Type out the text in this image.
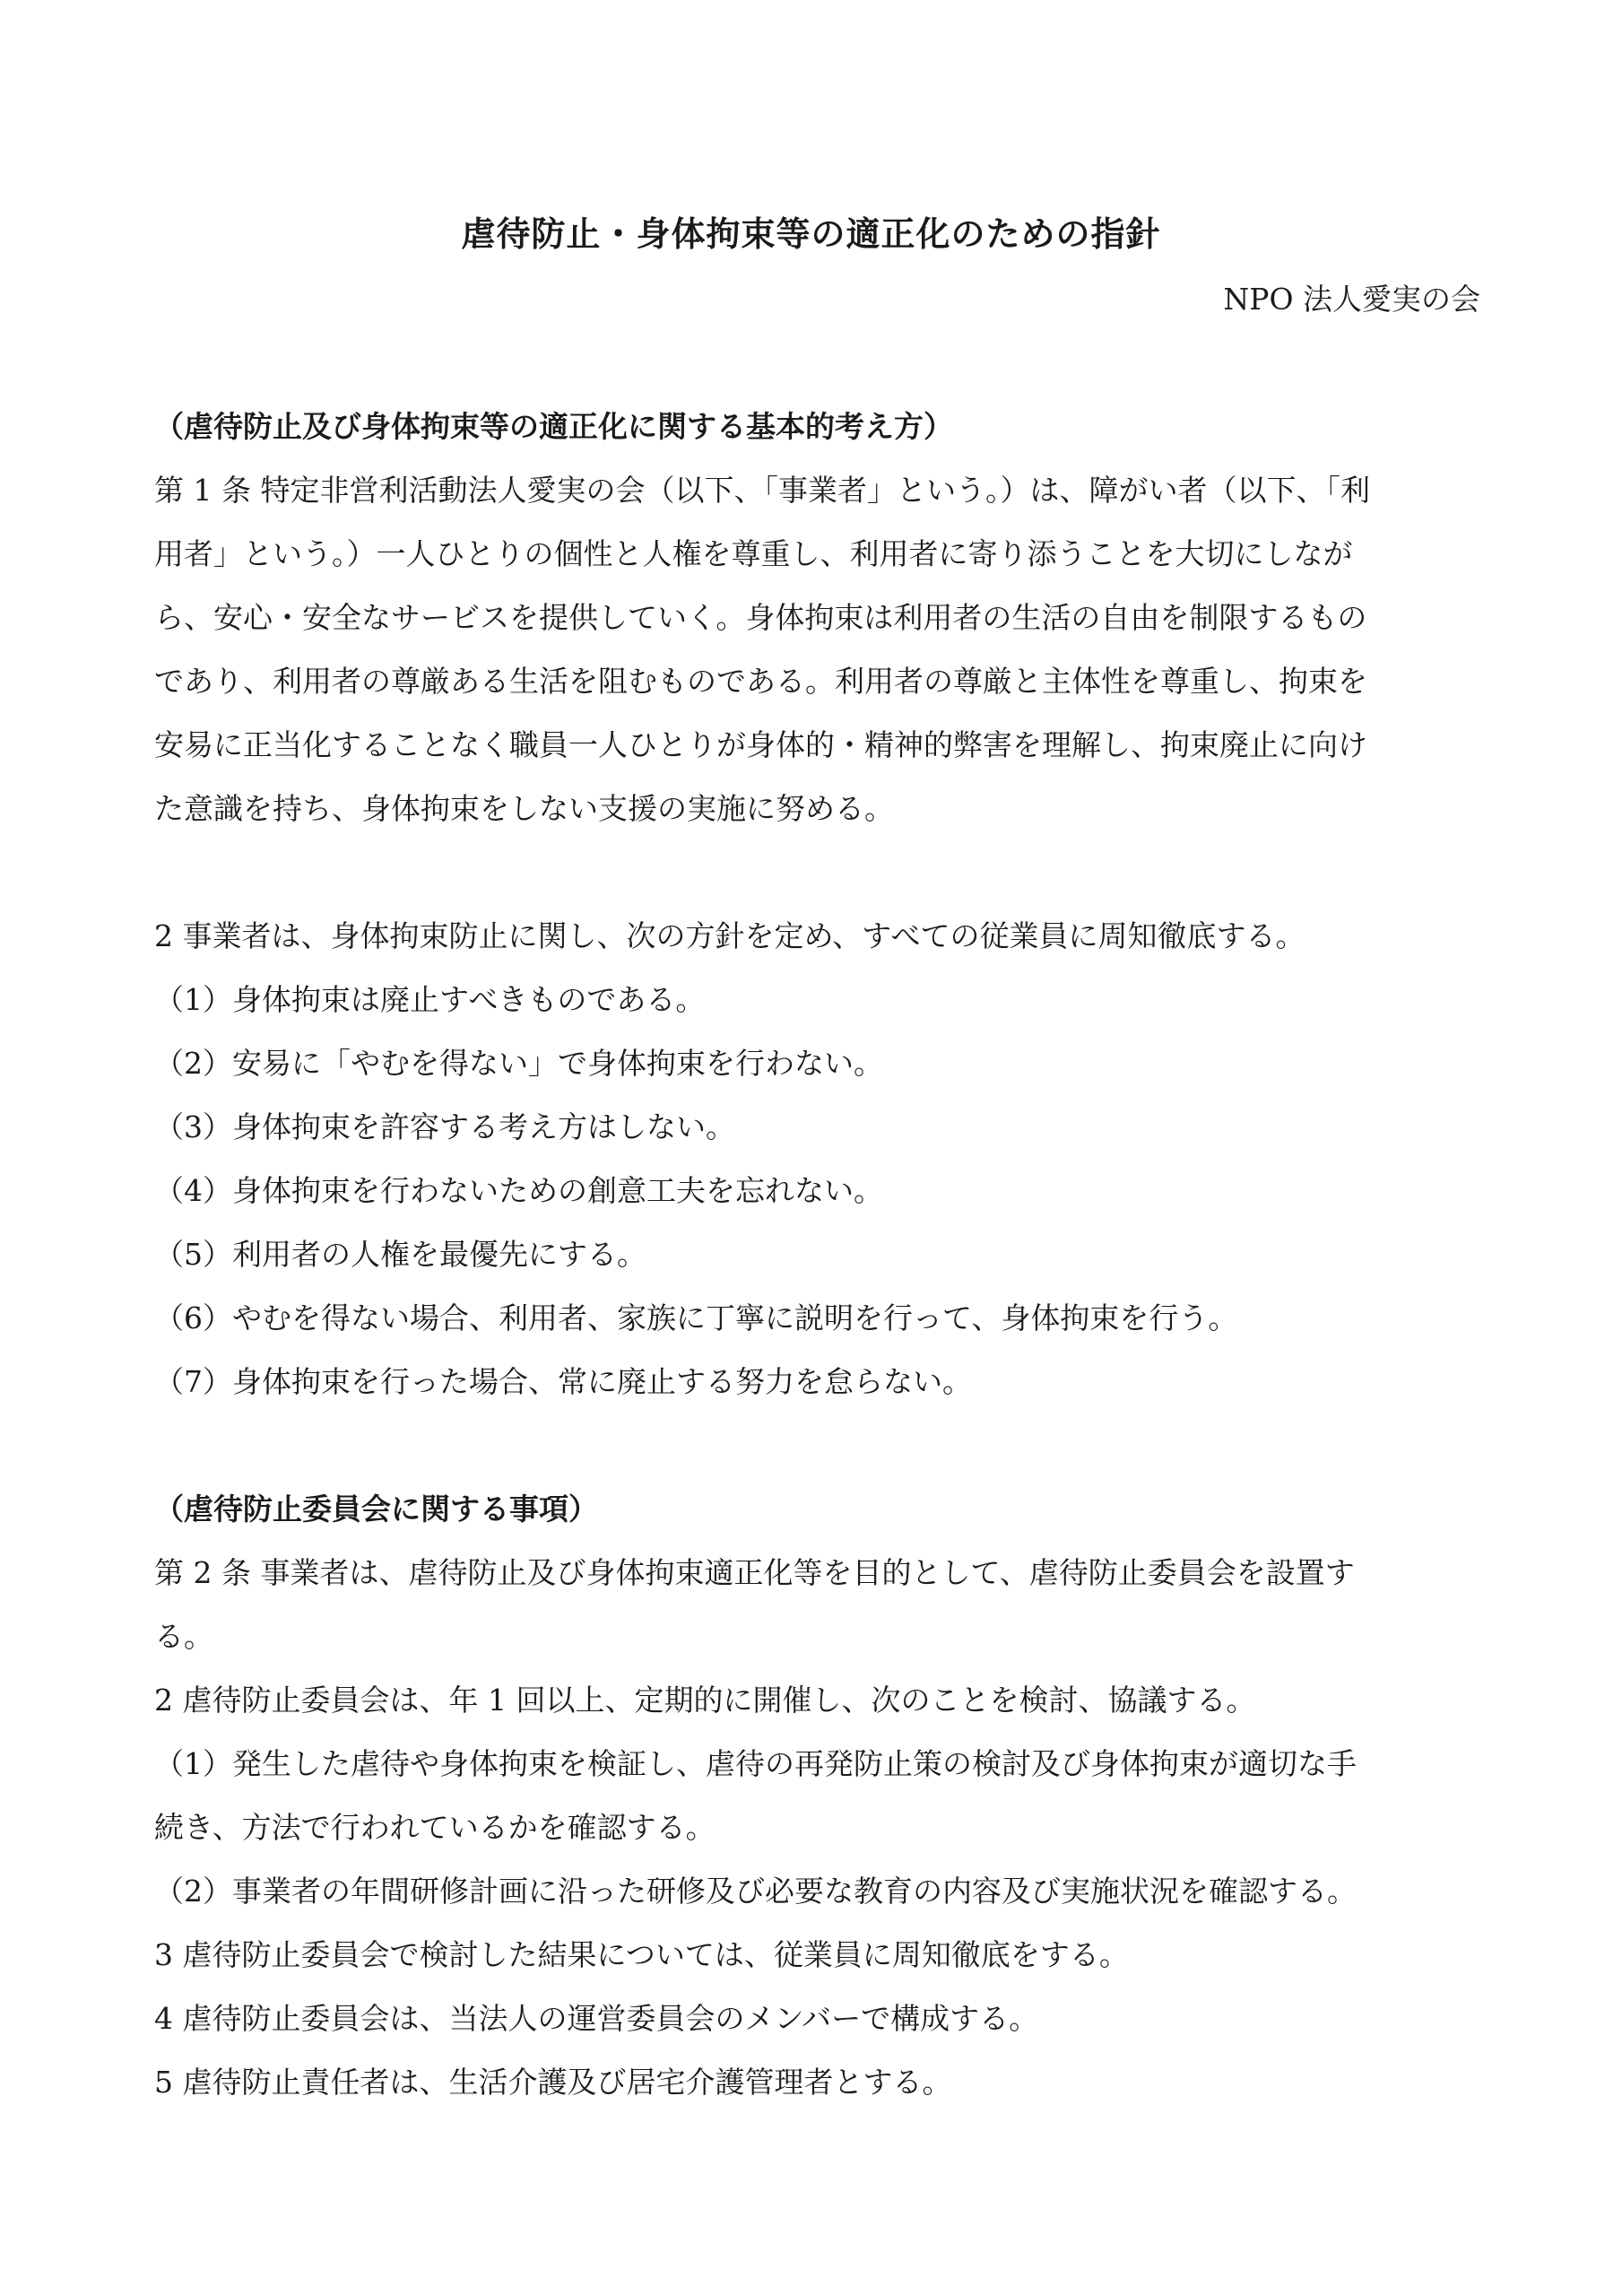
虐待防止・身体拘束等の適正化のための指針
NPO 法人愛実の会
（虐待防止及び身体拘束等の適正化に関する基本的考え方）
第 1 条 特定非営利活動法人愛実の会（以下、「事業者」という。）は、障がい者（以下、「利
用者」という。）一人ひとりの個性と人権を尊重し、利用者に寄り添うことを大切にしなが
ら、安心・安全なサービスを提供していく。身体拘束は利用者の生活の自由を制限するもの
であり、利用者の尊厳ある生活を阻むものである。利用者の尊厳と主体性を尊重し、拘束を
安易に正当化することなく職員一人ひとりが身体的・精神的弊害を理解し、拘束廃止に向け
た意識を持ち、身体拘束をしない支援の実施に努める。
2 事業者は、身体拘束防止に関し、次の方針を定め、すべての従業員に周知徹底する。
（1）身体拘束は廃止すべきものである。
（2）安易に「やむを得ない」で身体拘束を行わない。
（3）身体拘束を許容する考え方はしない。
（4）身体拘束を行わないための創意工夫を忘れない。
（5）利用者の人権を最優先にする。
（6）やむを得ない場合、利用者、家族に丁寧に説明を行って、身体拘束を行う。
（7）身体拘束を行った場合、常に廃止する努力を怠らない。
（虐待防止委員会に関する事項）
第 2 条 事業者は、虐待防止及び身体拘束適正化等を目的として、虐待防止委員会を設置す
る。
2 虐待防止委員会は、年 1 回以上、定期的に開催し、次のことを検討、協議する。
（1）発生した虐待や身体拘束を検証し、虐待の再発防止策の検討及び身体拘束が適切な手
続き、方法で行われているかを確認する。
（2）事業者の年間研修計画に沿った研修及び必要な教育の内容及び実施状況を確認する。
3 虐待防止委員会で検討した結果については、従業員に周知徹底をする。
4 虐待防止委員会は、当法人の運営委員会のメンバーで構成する。
5 虐待防止責任者は、生活介護及び居宅介護管理者とする。
